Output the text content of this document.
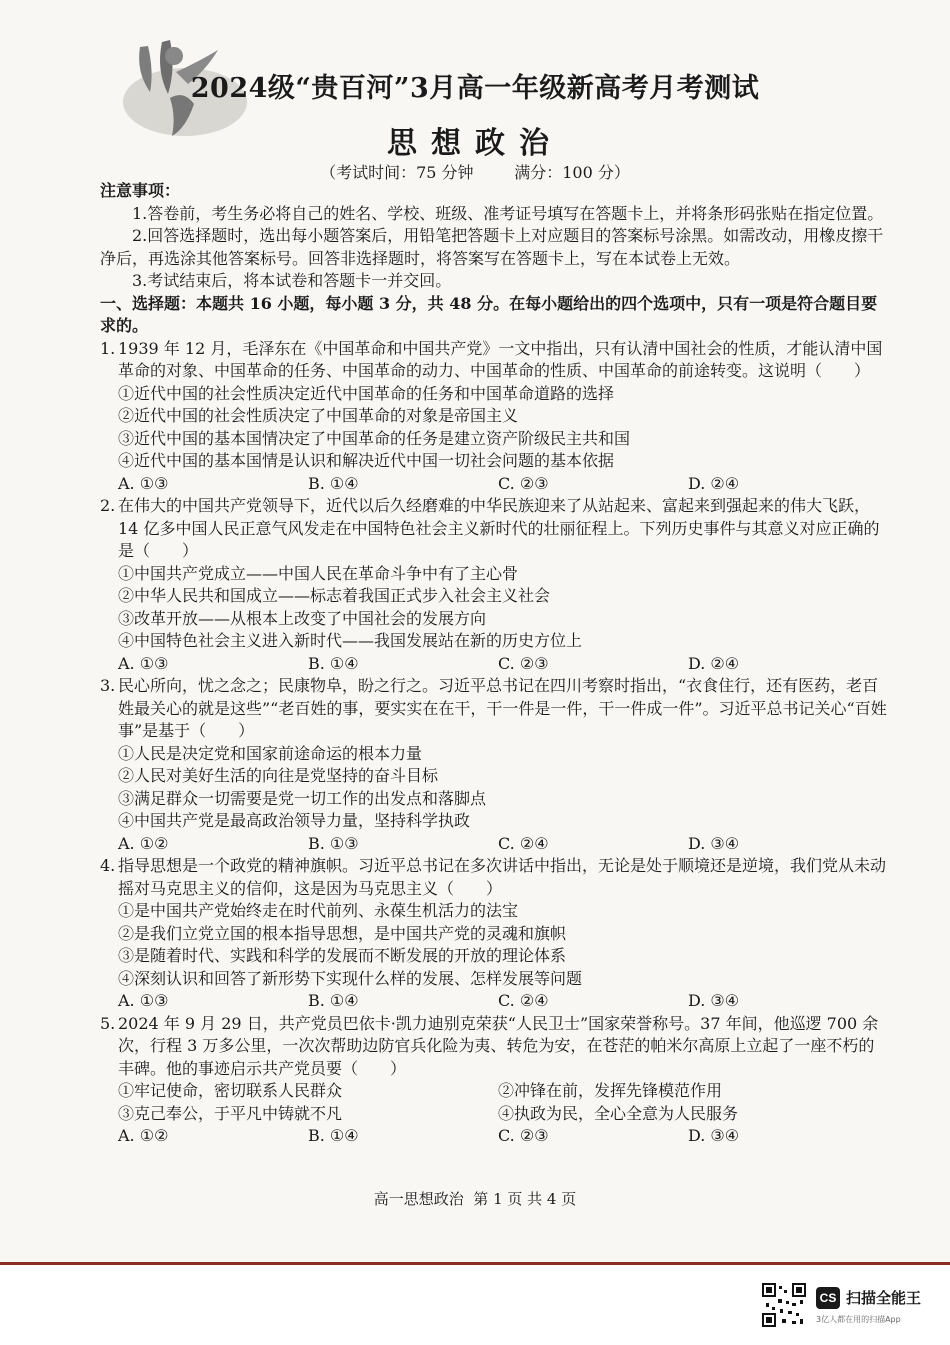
2024级“贵百河”3月高一年级新高考月考测试
思想政治
（考试时间：75 分钟        满分：100 分）

注意事项：

1.答卷前，考生务必将自己的姓名、学校、班级、准考证号填写在答题卡上，并将条形码张贴在指定位置。

2.回答选择题时，选出每小题答案后，用铅笔把答题卡上对应题目的答案标号涂黑。如需改动，用橡皮擦干净后，再选涂其他答案标号。回答非选择题时，将答案写在答题卡上，写在本试卷上无效。

3.考试结束后，将本试卷和答题卡一并交回。

一、选择题：本题共 16 小题，每小题 3 分，共 48 分。在每小题给出的四个选项中，只有一项是符合题目要求的。

1. 1939 年 12 月，毛泽东在《中国革命和中国共产党》一文中指出，只有认清中国社会的性质，才能认清中国革命的对象、中国革命的任务、中国革命的动力、中国革命的性质、中国革命的前途转变。这说明（　　）

①近代中国的社会性质决定近代中国革命的任务和中国革命道路的选择

②近代中国的社会性质决定了中国革命的对象是帝国主义

③近代中国的基本国情决定了中国革命的任务是建立资产阶级民主共和国

④近代中国的基本国情是认识和解决近代中国一切社会问题的基本依据

A. ①③	B. ①④	C. ②③	D. ②④

2. 在伟大的中国共产党领导下，近代以后久经磨难的中华民族迎来了从站起来、富起来到强起来的伟大飞跃，14 亿多中国人民正意气风发走在中国特色社会主义新时代的壮丽征程上。下列历史事件与其意义对应正确的是（　　）

①中国共产党成立——中国人民在革命斗争中有了主心骨

②中华人民共和国成立——标志着我国正式步入社会主义社会

③改革开放——从根本上改变了中国社会的发展方向

④中国特色社会主义进入新时代——我国发展站在新的历史方位上

A. ①③	B. ①④	C. ②③	D. ②④

3. 民心所向，忧之念之；民康物阜，盼之行之。习近平总书记在四川考察时指出，“衣食住行，还有医药，老百姓最关心的就是这些”“老百姓的事，要实实在在干，干一件是一件，干一件成一件”。习近平总书记关心“百姓事”是基于（　　）

①人民是决定党和国家前途命运的根本力量

②人民对美好生活的向往是党坚持的奋斗目标

③满足群众一切需要是党一切工作的出发点和落脚点

④中国共产党是最高政治领导力量，坚持科学执政

A. ①②	B. ①③	C. ②④	D. ③④

4. 指导思想是一个政党的精神旗帜。习近平总书记在多次讲话中指出，无论是处于顺境还是逆境，我们党从未动摇对马克思主义的信仰，这是因为马克思主义（　　）

①是中国共产党始终走在时代前列、永葆生机活力的法宝

②是我们立党立国的根本指导思想，是中国共产党的灵魂和旗帜

③是随着时代、实践和科学的发展而不断发展的开放的理论体系

④深刻认识和回答了新形势下实现什么样的发展、怎样发展等问题

A. ①③	B. ①④	C. ②④	D. ③④

5. 2024 年 9 月 29 日，共产党员巴依卡·凯力迪别克荣获“人民卫士”国家荣誉称号。37 年间，他巡逻 700 余次，行程 3 万多公里，一次次帮助边防官兵化险为夷、转危为安，在苍茫的帕米尔高原上立起了一座不朽的丰碑。他的事迹启示共产党员要（　　）

①牢记使命，密切联系人民群众	②冲锋在前，发挥先锋模范作用
③克己奉公，于平凡中铸就不凡	④执政为民，全心全意为人民服务
A. ①②	B. ①④	C. ②③	D. ③④
高一思想政治  第 1 页 共 4 页
CS 扫描全能王
3亿人都在用的扫描App
